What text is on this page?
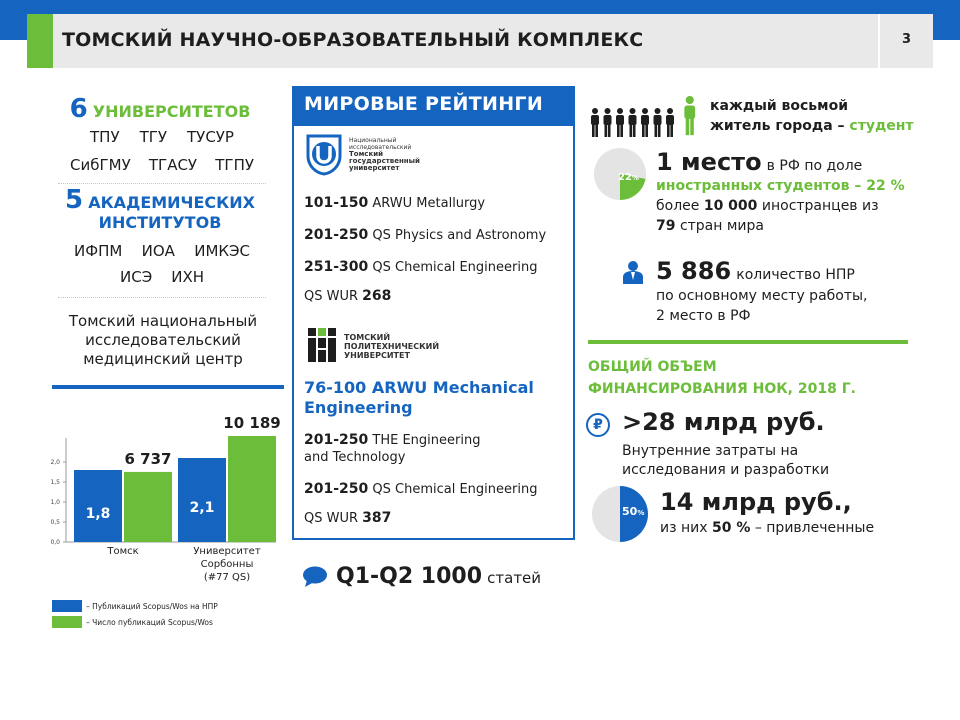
ТОМСКИЙ НАУЧНО-ОБРАЗОВАТЕЛЬНЫЙ КОМПЛЕКС	3
6 УНИВЕРСИТЕТОВ
ТПУ ТГУ ТУСУР
СибГМУ ТГАСУ ТГПУ
5 АКАДЕМИЧЕСКИХ
ИНСТИТУТОВ
ИФПМ ИОА ИМКЭС
ИСЭ ИХН
Томский национальный
исследовательский
медицинский центр
0,0
0,5
1,0
1,5
2,0
1,8
6 737
Томск
2,1
10 189
Университет
Сорбонны
(#77 QS)
– Публикаций Scopus/Wos на НПР
– Число публикаций Scopus/Wos
МИРОВЫЕ РЕЙТИНГИ
Национальный
исследовательский
Томский
государственный
университет
101-150 ARWU Metallurgy
201-250 QS Physics and Astronomy
251-300 QS Chemical Engineering
QS WUR 268
ТОМСКИЙ
ПОЛИТЕХНИЧЕСКИЙ
УНИВЕРСИТЕТ
76-100 ARWU Mechanical
Engineering
201-250 THE Engineering
and Technology
201-250 QS Chemical Engineering
QS WUR 387
Q1-Q2 1000 статей
каждый восьмой
житель города – студент
22%
1 место в РФ по доле
иностранных студентов – 22 %
более 10 000 иностранцев из
79 стран мира
5 886 количество НПР
по основному месту работы,
2 место в РФ
ОБЩИЙ ОБЪЕМ
ФИНАНСИРОВАНИЯ НОК, 2018 Г.
₽ >28 млрд руб.
Внутренние затраты на
исследования и разработки
50% 14 млрд руб.,
из них 50 % – привлеченные
